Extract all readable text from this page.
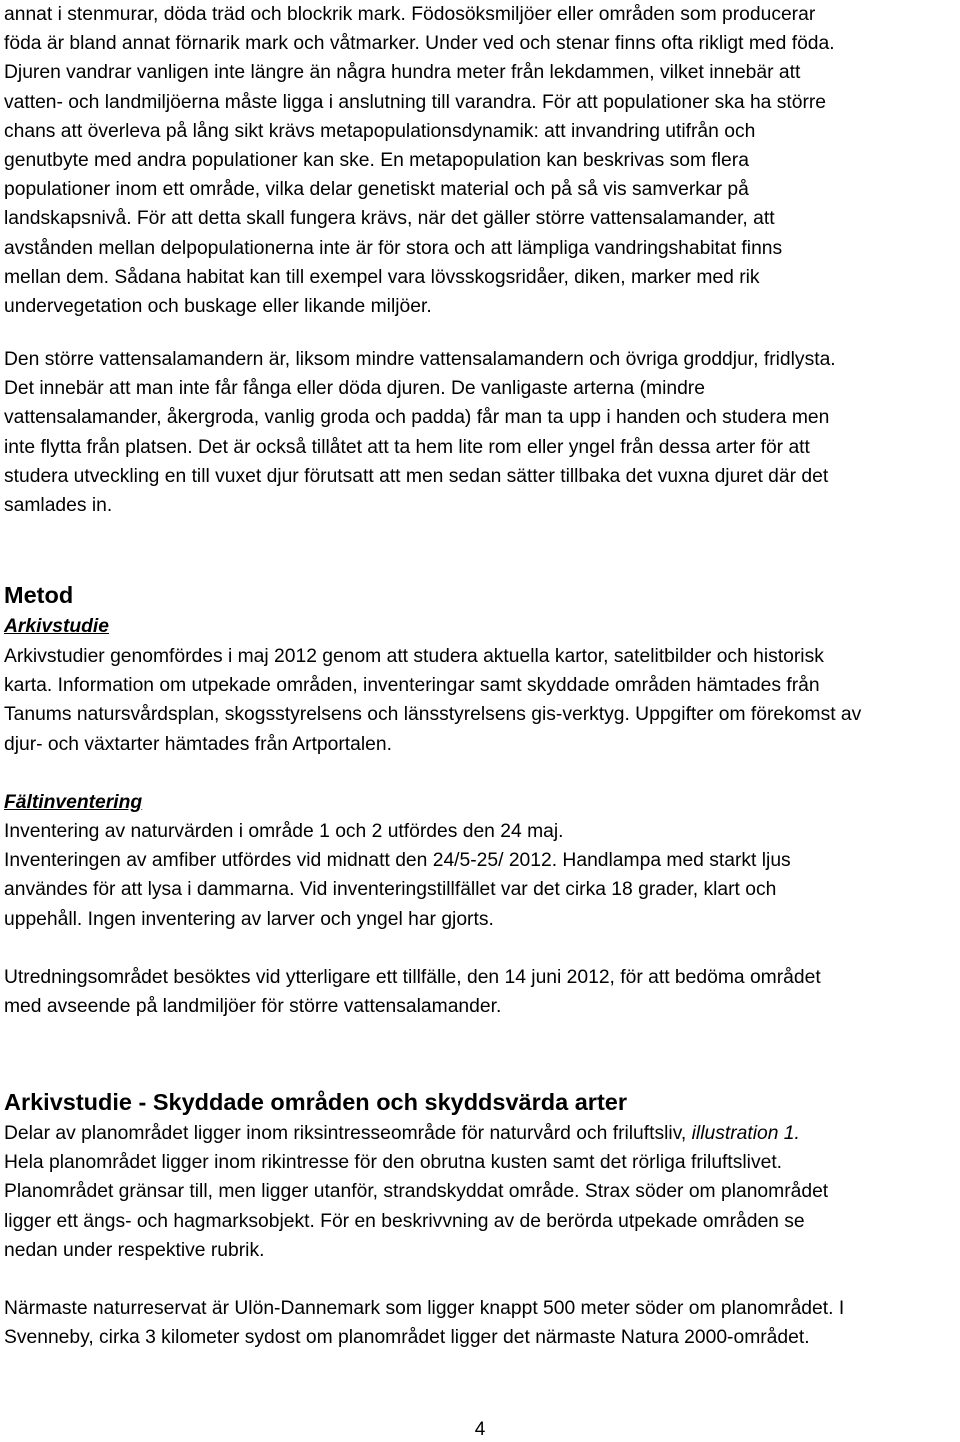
annat i stenmurar, döda träd och blockrik mark. Födosöksmiljöer eller områden som producerar
föda är bland annat förnarik mark och våtmarker. Under ved och stenar finns ofta rikligt med föda.
Djuren vandrar vanligen inte längre än några hundra meter från lekdammen, vilket innebär att
vatten- och landmiljöerna måste ligga i anslutning till varandra. För att populationer ska ha större
chans att överleva på lång sikt krävs metapopulationsdynamik: att invandring utifrån och
genutbyte med andra populationer kan ske. En metapopulation kan beskrivas som flera
populationer inom ett område, vilka delar genetiskt material och på så vis samverkar på
landskapsnivå. För att detta skall fungera krävs, när det gäller större vattensalamander, att
avstånden mellan delpopulationerna inte är för stora och att lämpliga vandringshabitat finns
mellan dem. Sådana habitat kan till exempel vara lövsskogsridåer, diken, marker med rik
undervegetation och buskage eller likande miljöer.

Den större vattensalamandern är, liksom mindre vattensalamandern och övriga groddjur, fridlysta.
Det innebär att man inte får fånga eller döda djuren. De vanligaste arterna (mindre
vattensalamander, åkergroda, vanlig groda och padda) får man ta upp i handen och studera men
inte flytta från platsen. Det är också tillåtet att ta hem lite rom eller yngel från dessa arter för att
studera utveckling en till vuxet djur förutsatt att men sedan sätter tillbaka det vuxna djuret där det
samlades in.

Metod
Arkivstudie

Arkivstudier genomfördes i maj 2012 genom att studera aktuella kartor, satelitbilder och historisk
karta. Information om utpekade områden, inventeringar samt skyddade områden hämtades från
Tanums natursvårdsplan, skogsstyrelsens och länsstyrelsens gis-verktyg. Uppgifter om förekomst av
djur- och växtarter hämtades från Artportalen.

Fältinventering

Inventering av naturvärden i område 1 och 2 utfördes den 24 maj.
Inventeringen av amfiber utfördes vid midnatt den 24/5-25/ 2012. Handlampa med starkt ljus
användes för att lysa i dammarna. Vid inventeringstillfället var det cirka 18 grader, klart och
uppehåll. Ingen inventering av larver och yngel har gjorts.

Utredningsområdet besöktes vid ytterligare ett tillfälle, den 14 juni 2012, för att bedöma området
med avseende på landmiljöer för större vattensalamander.

Arkivstudie - Skyddade områden och skyddsvärda arter

Delar av planområdet ligger inom riksintresseområde för naturvård och friluftsliv, illustration 1.
Hela planområdet ligger inom rikintresse för den obrutna kusten samt det rörliga friluftslivet.
Planområdet gränsar till, men ligger utanför, strandskyddat område. Strax söder om planområdet
ligger ett ängs- och hagmarksobjekt. För en beskrivvning av de berörda utpekade områden se
nedan under respektive rubrik.

Närmaste naturreservat är Ulön-Dannemark som ligger knappt 500 meter söder om planområdet. I
Svenneby, cirka 3 kilometer sydost om planområdet ligger det närmaste Natura 2000-området.

4
